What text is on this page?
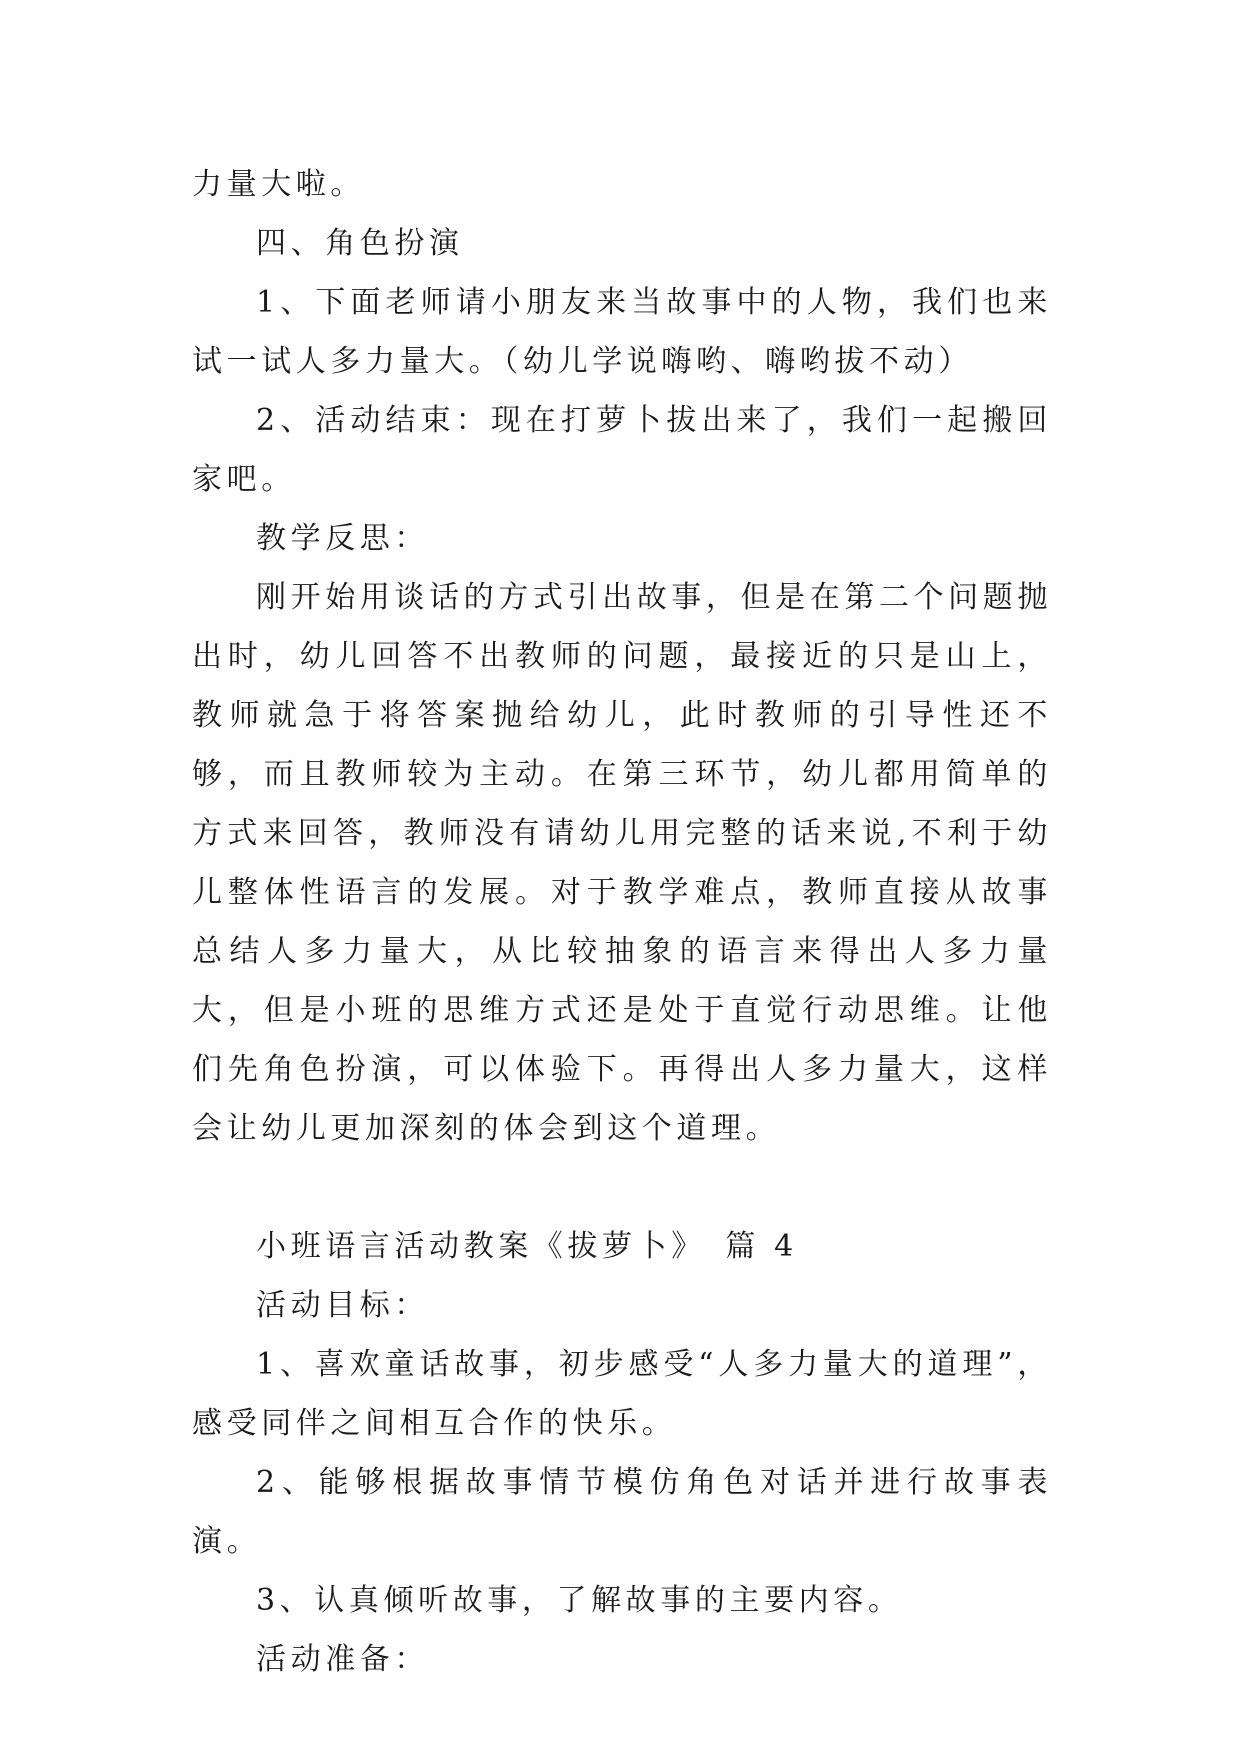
力量大啦。

四、角色扮演

1、下面老师请小朋友来当故事中的人物，我们也来试一试人多力量大。（幼儿学说嗨哟、嗨哟拔不动）

2、活动结束：现在打萝卜拔出来了，我们一起搬回家吧。

教学反思：

刚开始用谈话的方式引出故事，但是在第二个问题抛出时，幼儿回答不出教师的问题，最接近的只是山上，教师就急于将答案抛给幼儿，此时教师的引导性还不够，而且教师较为主动。在第三环节，幼儿都用简单的方式来回答，教师没有请幼儿用完整的话来说,不利于幼儿整体性语言的发展。对于教学难点，教师直接从故事总结人多力量大，从比较抽象的语言来得出人多力量大，但是小班的思维方式还是处于直觉行动思维。让他们先角色扮演，可以体验下。再得出人多力量大，这样会让幼儿更加深刻的体会到这个道理。

小班语言活动教案《拔萝卜》　篇 4

活动目标：

1、喜欢童话故事，初步感受“人多力量大的道理”，感受同伴之间相互合作的快乐。

2、能够根据故事情节模仿角色对话并进行故事表演。

3、认真倾听故事，了解故事的主要内容。

活动准备：
